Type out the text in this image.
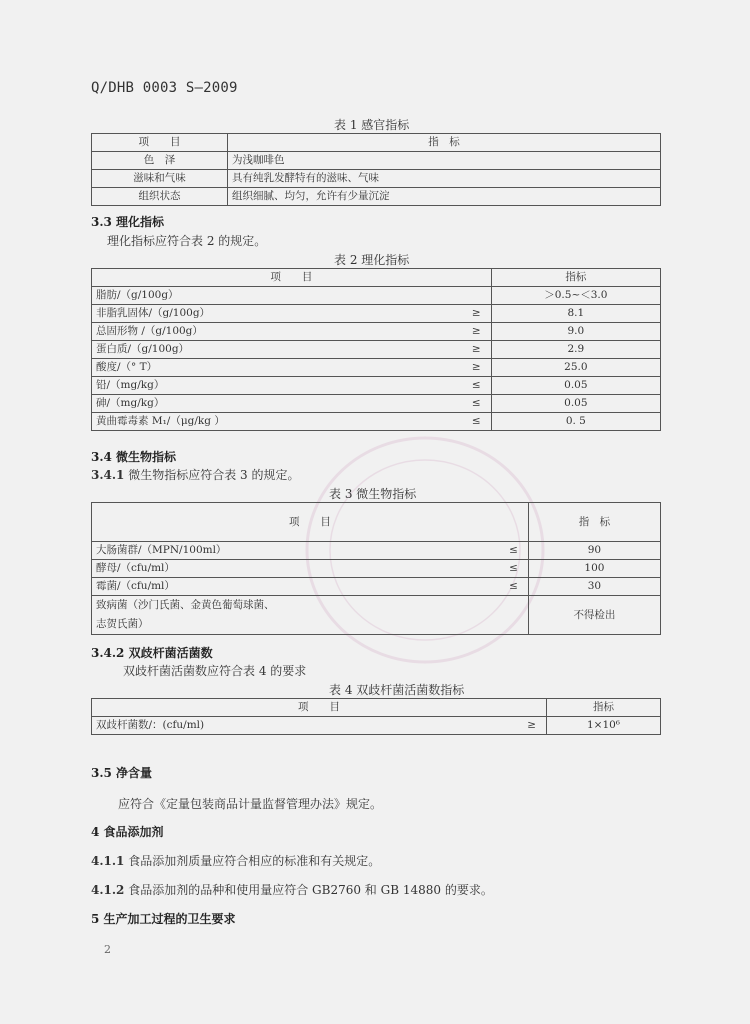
Q/DHB 0003 S—2009
表 1 感官指标
项　　目	指　标
色　泽	为浅咖啡色
滋味和气味	具有纯乳发酵特有的滋味、气味
组织状态	组织细腻、均匀，允许有少量沉淀
3.3 理化指标
理化指标应符合表 2 的规定。
表 2 理化指标
项　　目		指标
脂肪/（g/100g）		＞0.5~＜3.0
非脂乳固体/（g/100g）	≥	8.1
总固形物 /（g/100g）	≥	9.0
蛋白质/（g/100g）	≥	2.9
酸度/（° T）	≥	25.0
铅/（mg/kg）	≤	0.05
砷/（mg/kg）	≤	0.05
黄曲霉毒素 M₁/（μg/kg ）	≤	0. 5
3.4 微生物指标
3.4.1 微生物指标应符合表 3 的规定。
表 3 微生物指标
项　　目		指　标
大肠菌群/（MPN/100ml）	≤	90
酵母/（cfu/ml）	≤	100
霉菌/（cfu/ml）	≤	30

致病菌（沙门氏菌、金黄色葡萄球菌、
志贺氏菌）		不得检出
3.4.2 双歧杆菌活菌数
双歧杆菌活菌数应符合表 4 的要求
表 4 双歧杆菌活菌数指标
项　　目		指标
双歧杆菌数/：(cfu/ml)	≥	1×10⁶
3.5 净含量
应符合《定量包装商品计量监督管理办法》规定。
4 食品添加剂
4.1.1 食品添加剂质量应符合相应的标准和有关规定。
4.1.2 食品添加剂的品种和使用量应符合 GB2760 和 GB 14880 的要求。
5 生产加工过程的卫生要求
2
